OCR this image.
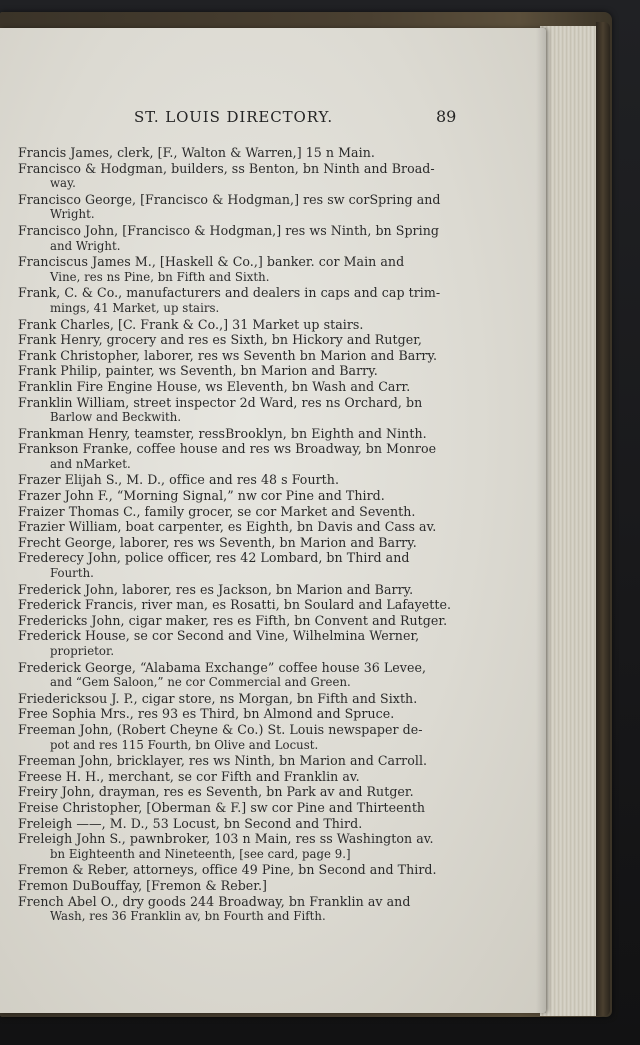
ST. LOUIS DIRECTORY.	89
Francis James, clerk, [F., Walton & Warren,] 15 n Main.
Francisco & Hodgman, builders, ss Benton, bn Ninth and Broad-
way.
Francisco George, [Francisco & Hodgman,] res sw corSpring and
Wright.
Francisco John, [Francisco & Hodgman,] res ws Ninth, bn Spring
and Wright.
Franciscus James M., [Haskell & Co.,] banker. cor Main and
Vine, res ns Pine, bn Fifth and Sixth.
Frank, C. & Co., manufacturers and dealers in caps and cap trim-
mings, 41 Market, up stairs.
Frank Charles, [C. Frank & Co.,] 31 Market up stairs.
Frank Henry, grocery and res es Sixth, bn Hickory and Rutger,
Frank Christopher, laborer, res ws Seventh bn Marion and Barry.
Frank Philip, painter, ws Seventh, bn Marion and Barry.
Franklin Fire Engine House, ws Eleventh, bn Wash and Carr.
Franklin William, street inspector 2d Ward, res ns Orchard, bn
Barlow and Beckwith.
Frankman Henry, teamster, ressBrooklyn, bn Eighth and Ninth.
Frankson Franke, coffee house and res ws Broadway, bn Monroe
and nMarket.
Frazer Elijah S., M. D., office and res 48 s Fourth.
Frazer John F., “Morning Signal,” nw cor Pine and Third.
Fraizer Thomas C., family grocer, se cor Market and Seventh.
Frazier William, boat carpenter, es Eighth, bn Davis and Cass av.
Frecht George, laborer, res ws Seventh, bn Marion and Barry.
Frederecy John, police officer, res 42 Lombard, bn Third and
Fourth.
Frederick John, laborer, res es Jackson, bn Marion and Barry.
Frederick Francis, river man, es Rosatti, bn Soulard and Lafayette.
Fredericks John, cigar maker, res es Fifth, bn Convent and Rutger.
Frederick House, se cor Second and Vine, Wilhelmina Werner,
proprietor.
Frederick George, “Alabama Exchange” coffee house 36 Levee,
and “Gem Saloon,” ne cor Commercial and Green.
Friedericksou J. P., cigar store, ns Morgan, bn Fifth and Sixth.
Free Sophia Mrs., res 93 es Third, bn Almond and Spruce.
Freeman John, (Robert Cheyne & Co.) St. Louis newspaper de-
pot and res 115 Fourth, bn Olive and Locust.
Freeman John, bricklayer, res ws Ninth, bn Marion and Carroll.
Freese H. H., merchant, se cor Fifth and Franklin av.
Freiry John, drayman, res es Seventh, bn Park av and Rutger.
Freise Christopher, [Oberman & F.] sw cor Pine and Thirteenth
Freleigh ——, M. D., 53 Locust, bn Second and Third.
Freleigh John S., pawnbroker, 103 n Main, res ss Washington av.
bn Eighteenth and Nineteenth, [see card, page 9.]
Fremon & Reber, attorneys, office 49 Pine, bn Second and Third.
Fremon DuBouffay, [Fremon & Reber.]
French Abel O., dry goods 244 Broadway, bn Franklin av and
Wash, res 36 Franklin av, bn Fourth and Fifth.
